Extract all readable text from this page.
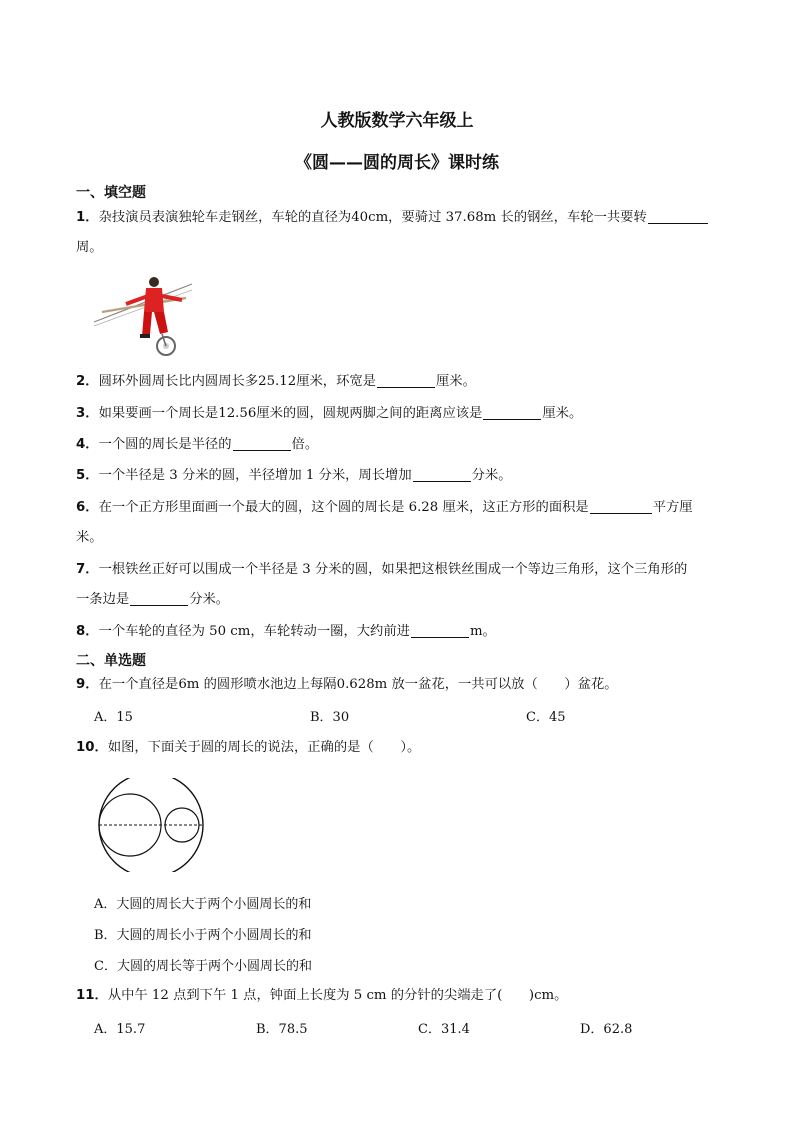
人教版数学六年级上
《圆——圆的周长》课时练
一、填空题
1．杂技演员表演独轮车走钢丝，车轮的直径为40cm，要骑过 37.68m 长的钢丝，车轮一共要转
周。
2．圆环外圆周长比内圆周长多25.12厘米，环宽是	厘米。
3．如果要画一个周长是12.56厘米的圆，圆规两脚之间的距离应该是	厘米。
4．一个圆的周长是半径的	倍。
5．一个半径是 3 分米的圆，半径增加 1 分米，周长增加	分米。
6．在一个正方形里面画一个最大的圆，这个圆的周长是 6.28 厘米，这正方形的面积是	平方厘
米。
7．一根铁丝正好可以围成一个半径是 3 分米的圆，如果把这根铁丝围成一个等边三角形，这个三角形的
一条边是	分米。
8．一个车轮的直径为 50 cm，车轮转动一圈，大约前进	m。
二、单选题
9．在一个直径是6m 的圆形喷水池边上每隔0.628m 放一盆花，一共可以放（　　）盆花。
A．15	B．30	C．45
10．如图，下面关于圆的周长的说法，正确的是（　　）。
A．大圆的周长大于两个小圆周长的和
B．大圆的周长小于两个小圆周长的和
C．大圆的周长等于两个小圆周长的和
11．从中午 12 点到下午 1 点，钟面上长度为 5 cm 的分针的尖端走了(　　)cm。
A．15.7	B．78.5	C．31.4	D．62.8
